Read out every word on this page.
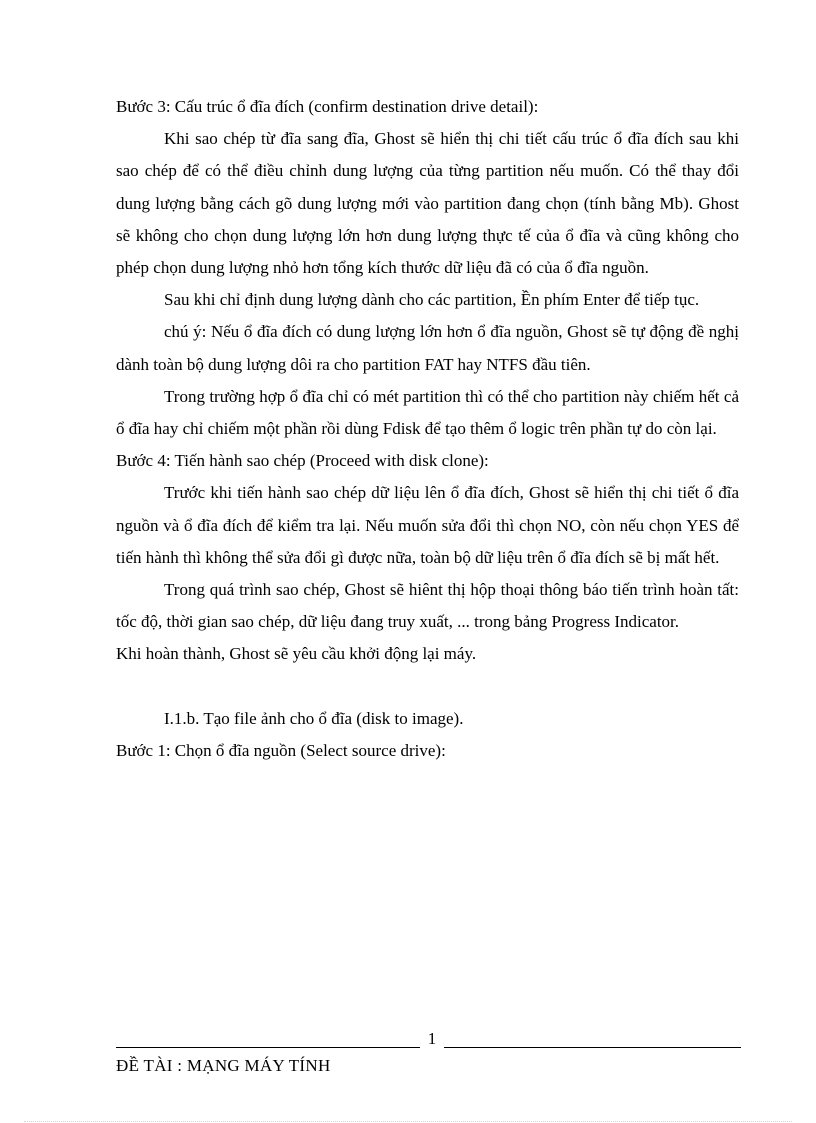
Bước 3: Cấu trúc ổ đĩa đích (confirm destination drive detail):

Khi sao chép từ đĩa sang đĩa, Ghost sẽ hiển thị chi tiết cấu trúc ổ đĩa đích sau khi sao chép để có thể điều chỉnh dung lượng của từng partition nếu muốn. Có thể thay đổi dung lượng bằng cách gõ dung lượng mới vào partition đang chọn (tính bằng Mb). Ghost sẽ không cho chọn dung lượng lớn hơn dung lượng thực tế của ổ đĩa và cũng không cho phép chọn dung lượng nhỏ hơn tổng kích thước dữ liệu đã có của ổ đĩa nguồn.

Sau khi chỉ định dung lượng dành cho các partition, Ền phím Enter để tiếp tục.

chú ý: Nếu ổ đĩa đích có dung lượng lớn hơn ổ đĩa nguồn, Ghost sẽ tự động đề nghị dành toàn bộ dung lượng dôi ra cho partition FAT hay NTFS đầu tiên.

Trong trường hợp ổ đĩa chỉ có mét partition thì có thể cho partition này chiếm hết cả ổ đĩa hay chỉ chiếm một phần rồi dùng Fdisk để tạo thêm ổ logic trên phần tự do còn lại.

Bước 4: Tiến hành sao chép (Proceed with disk clone):

Trước khi tiến hành sao chép dữ liệu lên ổ đĩa đích, Ghost sẽ hiển thị chi tiết ổ đĩa nguồn và ổ đĩa đích để kiểm tra lại. Nếu muốn sửa đổi thì chọn NO, còn nếu chọn YES để tiến hành thì không thể sửa đổi gì được nữa, toàn bộ dữ liệu trên ổ đĩa đích sẽ bị mất hết.

Trong quá trình sao chép, Ghost sẽ hiênt thị hộp thoại thông báo tiến trình hoàn tất: tốc độ, thời gian sao chép, dữ liệu đang truy xuất, ... trong bảng Progress Indicator.

Khi hoàn thành, Ghost sẽ yêu cầu khởi động lại máy.

I.1.b. Tạo file ảnh cho ổ đĩa (disk to image).

Bước 1: Chọn ổ đĩa nguồn (Select source drive):

1
ĐỀ TÀI : MẠNG MÁY TÍNH
